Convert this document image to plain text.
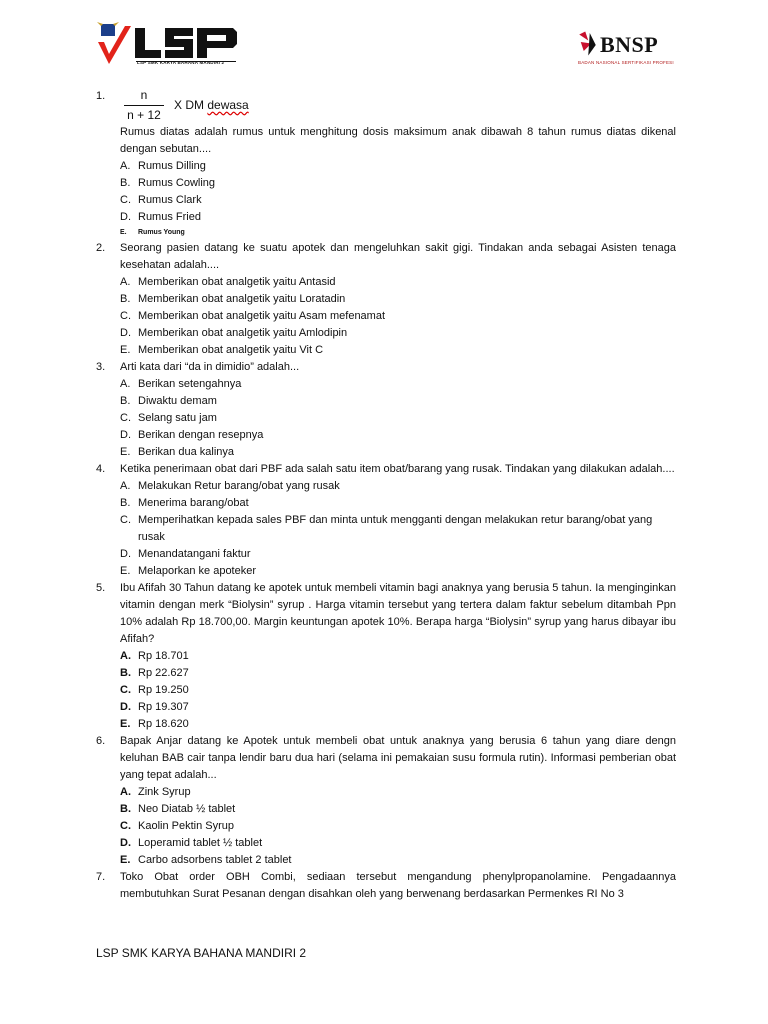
LSP SMK KARYA BAHANA MANDIRI 2
BNSP
BADAN NASIONAL SERTIFIKASI PROFESI
1.	$\frac{n}{n + 12}$ X DM dewasa
Rumus diatas adalah rumus untuk menghitung dosis maksimum anak dibawah 8 tahun rumus diatas dikenal dengan sebutan....
A. Rumus Dilling
B. Rumus Cowling
C. Rumus Clark
D. Rumus Fried
E. Rumus Young
2.	Seorang pasien datang ke suatu apotek dan mengeluhkan sakit gigi. Tindakan anda sebagai Asisten tenaga kesehatan adalah....
A. Memberikan obat analgetik yaitu Antasid
B. Memberikan obat analgetik yaitu Loratadin
C. Memberikan obat analgetik yaitu Asam mefenamat
D. Memberikan obat analgetik yaitu Amlodipin
E. Memberikan obat analgetik yaitu Vit C
3.	Arti kata dari “da in dimidio” adalah...
A. Berikan setengahnya
B. Diwaktu demam
C. Selang satu jam
D. Berikan dengan resepnya
E. Berikan dua kalinya
4.	Ketika penerimaan obat dari PBF ada salah satu item obat/barang yang rusak. Tindakan yang dilakukan adalah....
A. Melakukan Retur barang/obat yang rusak
B. Menerima barang/obat
C. Memperihatkan kepada sales PBF dan minta untuk mengganti dengan melakukan retur barang/obat yang rusak
D. Menandatangani faktur
E. Melaporkan ke apoteker
5.	Ibu Afifah 30 Tahun datang ke apotek untuk membeli vitamin bagi anaknya yang berusia 5 tahun. Ia menginginkan vitamin dengan merk “Biolysin” syrup . Harga vitamin tersebut yang tertera dalam faktur sebelum ditambah Ppn 10% adalah Rp 18.700,00. Margin keuntungan apotek 10%. Berapa harga “Biolysin” syrup yang harus dibayar ibu Afifah?
A. Rp 18.701
B. Rp 22.627
C. Rp 19.250
D. Rp 19.307
E. Rp 18.620
6.	Bapak Anjar datang ke Apotek untuk membeli obat untuk anaknya yang berusia 6 tahun yang diare dengn keluhan BAB cair tanpa lendir baru dua hari (selama ini pemakaian susu formula rutin). Informasi pemberian obat yang tepat adalah...
A. Zink Syrup
B. Neo Diatab ½ tablet
C. Kaolin Pektin Syrup
D. Loperamid tablet ½ tablet
E. Carbo adsorbens tablet 2 tablet
7.	Toko Obat order OBH Combi, sediaan tersebut mengandung phenylpropanolamine. Pengadaannya membutuhkan Surat Pesanan dengan disahkan oleh yang berwenang berdasarkan Permenkes RI No 3
LSP SMK KARYA BAHANA MANDIRI 2
